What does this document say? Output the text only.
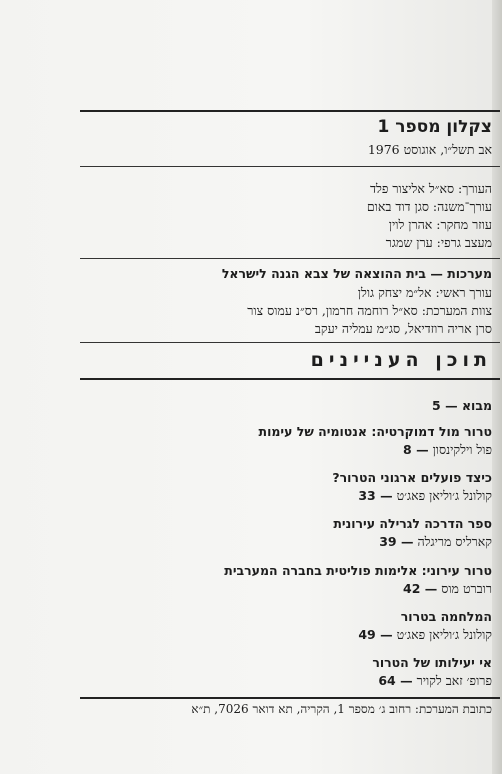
צקלון מספר 1
אב תשל״ו, אוגוסט 1976
העורך: סא״ל אליצור פלד
עורך־משנה: סגן דוד באום
עוזר מחקר: אהרן לוין
מעצב גרפי: ערן שמגר
מערכות — בית ההוצאה של צבא הגנה לישראל
עורך ראשי: אל״מ יצחק גולן
צוות המערכת: סא״ל רוחמה חרמון, רס״נ עמוס צור
סרן אריה רוזדיאל, סג״מ עמליה יעקב
תוכן העניינים
מבוא — 5
טרור מול דמוקרטיה: אנטומיה של עימות
פול וילקינסון — 8
כיצד פועלים ארגוני הטרור?
קולונל ג׳וליאן פאג׳ט — 33
ספר הדרכה לגרילה עירונית
קארליס מריגלה — 39
טרור עירוני: אלימות פוליטית בחברה המערבית
רוברט מוס — 42
המלחמה בטרור
קולונל ג׳וליאן פאג׳ט — 49
אי יעילותו של הטרור
פרופ׳ זאב לקויר — 64
כתובת המערכת: רחוב ג׳ מספר 1, הקריה, תא דואר 7026, ת״א
